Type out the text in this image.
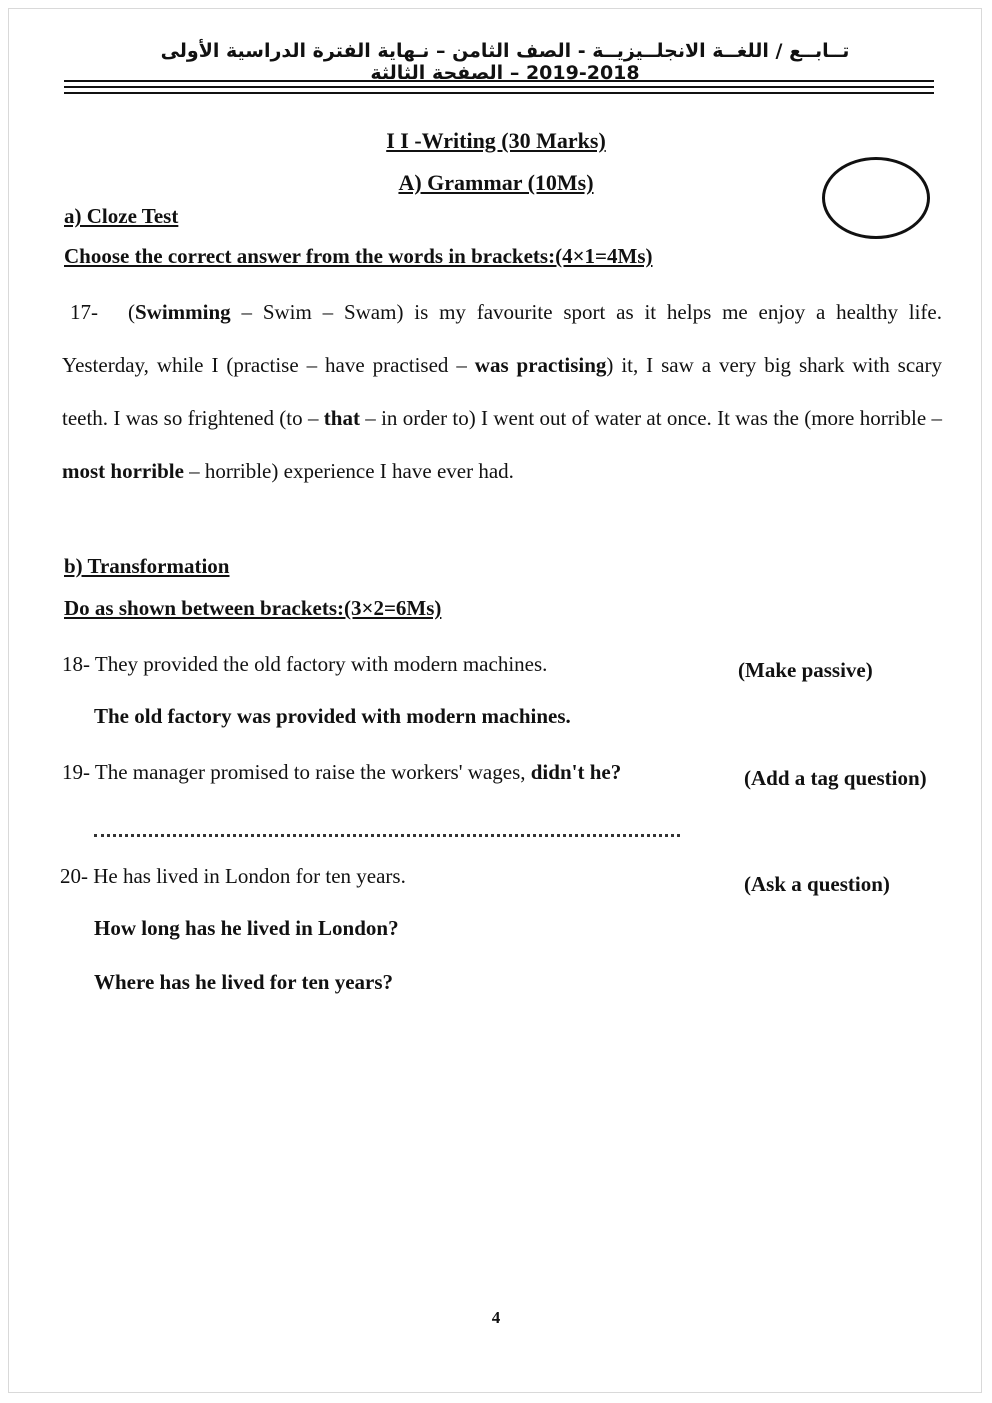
تــابــع / اللغــة الانجلــيزيــة - الصف الثامن – نـهاية الفترة الدراسية الأولى 2018-2019 – الصفحة الثالثة
I I -Writing (30 Marks)
A) Grammar (10Ms)
a) Cloze Test
Choose the correct answer from the words in brackets:(4×1=4Ms)
17- (Swimming – Swim – Swam) is my favourite sport as it helps me enjoy a healthy life. Yesterday, while I (practise – have practised – was practising) it, I saw a very big shark with scary teeth. I was so frightened (to – that – in order to) I went out of water at once. It was the (more horrible – most horrible – horrible) experience I have ever had.
b) Transformation
Do as shown between brackets:(3×2=6Ms)
18- They provided the old factory with modern machines.	(Make passive)
The old factory was provided with modern machines.
19- The manager promised to raise the workers' wages, didn't he?	(Add a tag question)
20- He has lived in London for ten years.	(Ask a question)
How long has he lived in London?
Where has he lived for ten years?
4
